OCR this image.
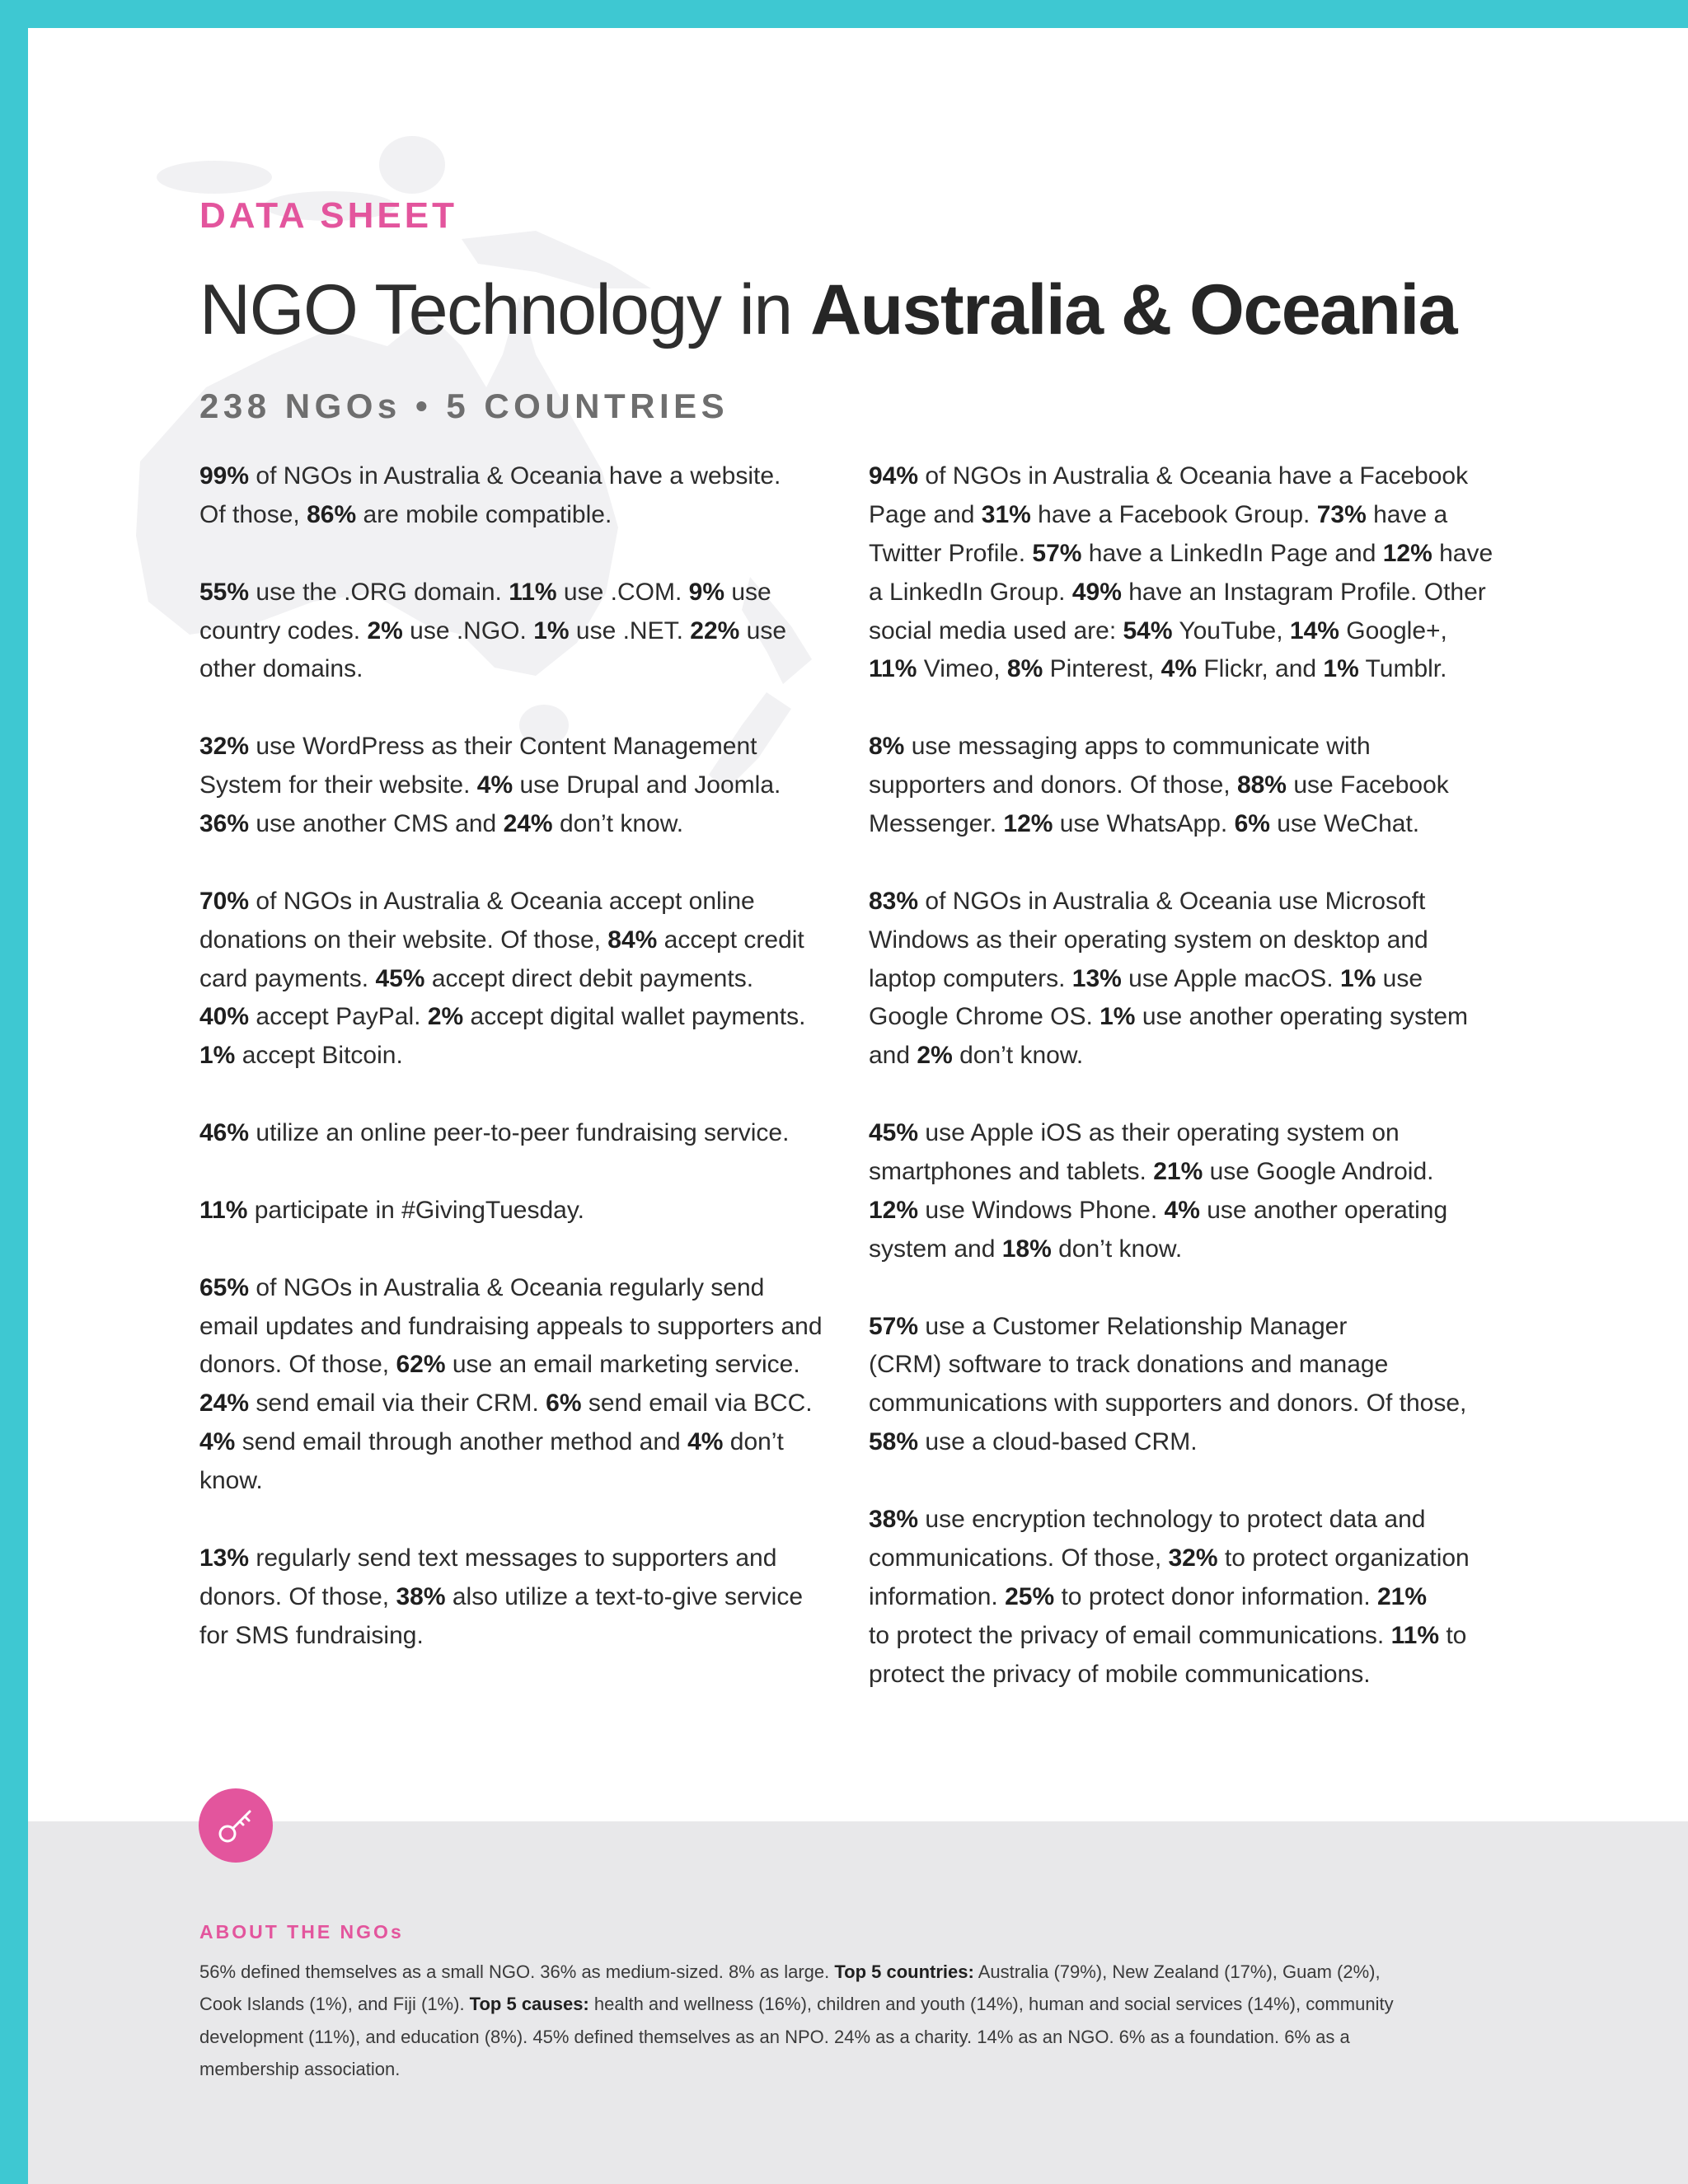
DATA SHEET
NGO Technology in Australia & Oceania
238 NGOs • 5 COUNTRIES
99% of NGOs in Australia & Oceania have a website.
Of those, 86% are mobile compatible.
55% use the .ORG domain. 11% use .COM. 9% use
country codes. 2% use .NGO. 1% use .NET. 22% use
other domains.
32% use WordPress as their Content Management
System for their website. 4% use Drupal and Joomla.
36% use another CMS and 24% don’t know.
70% of NGOs in Australia & Oceania accept online
donations on their website. Of those, 84% accept credit
card payments. 45% accept direct debit payments.
40% accept PayPal. 2% accept digital wallet payments.
1% accept Bitcoin.
46% utilize an online peer-to-peer fundraising service.
11% participate in #GivingTuesday.
65% of NGOs in Australia & Oceania regularly send
email updates and fundraising appeals to supporters and
donors. Of those, 62% use an email marketing service.
24% send email via their CRM. 6% send email via BCC.
4% send email through another method and 4% don’t
know.
13% regularly send text messages to supporters and
donors. Of those, 38% also utilize a text-to-give service
for SMS fundraising.
94% of NGOs in Australia & Oceania have a Facebook
Page and 31% have a Facebook Group. 73% have a
Twitter Profile. 57% have a LinkedIn Page and 12% have
a LinkedIn Group. 49% have an Instagram Profile. Other
social media used are: 54% YouTube, 14% Google+,
11% Vimeo, 8% Pinterest, 4% Flickr, and 1% Tumblr.
8% use messaging apps to communicate with
supporters and donors. Of those, 88% use Facebook
Messenger. 12% use WhatsApp. 6% use WeChat.
83% of NGOs in Australia & Oceania use Microsoft
Windows as their operating system on desktop and
laptop computers. 13% use Apple macOS. 1% use
Google Chrome OS. 1% use another operating system
and 2% don’t know.
45% use Apple iOS as their operating system on
smartphones and tablets. 21% use Google Android.
12% use Windows Phone. 4% use another operating
system and 18% don’t know.
57% use a Customer Relationship Manager
(CRM) software to track donations and manage
communications with supporters and donors. Of those,
58% use a cloud-based CRM.
38% use encryption technology to protect data and
communications. Of those, 32% to protect organization
information. 25% to protect donor information. 21%
to protect the privacy of email communications. 11% to
protect the privacy of mobile communications.
ABOUT THE NGOs
56% defined themselves as a small NGO. 36% as medium-sized. 8% as large. Top 5 countries: Australia (79%), New Zealand (17%), Guam (2%),
Cook Islands (1%), and Fiji (1%). Top 5 causes: health and wellness (16%), children and youth (14%), human and social services (14%), community
development (11%), and education (8%). 45% defined themselves as an NPO. 24% as a charity. 14% as an NGO. 6% as a foundation. 6% as a
membership association.
